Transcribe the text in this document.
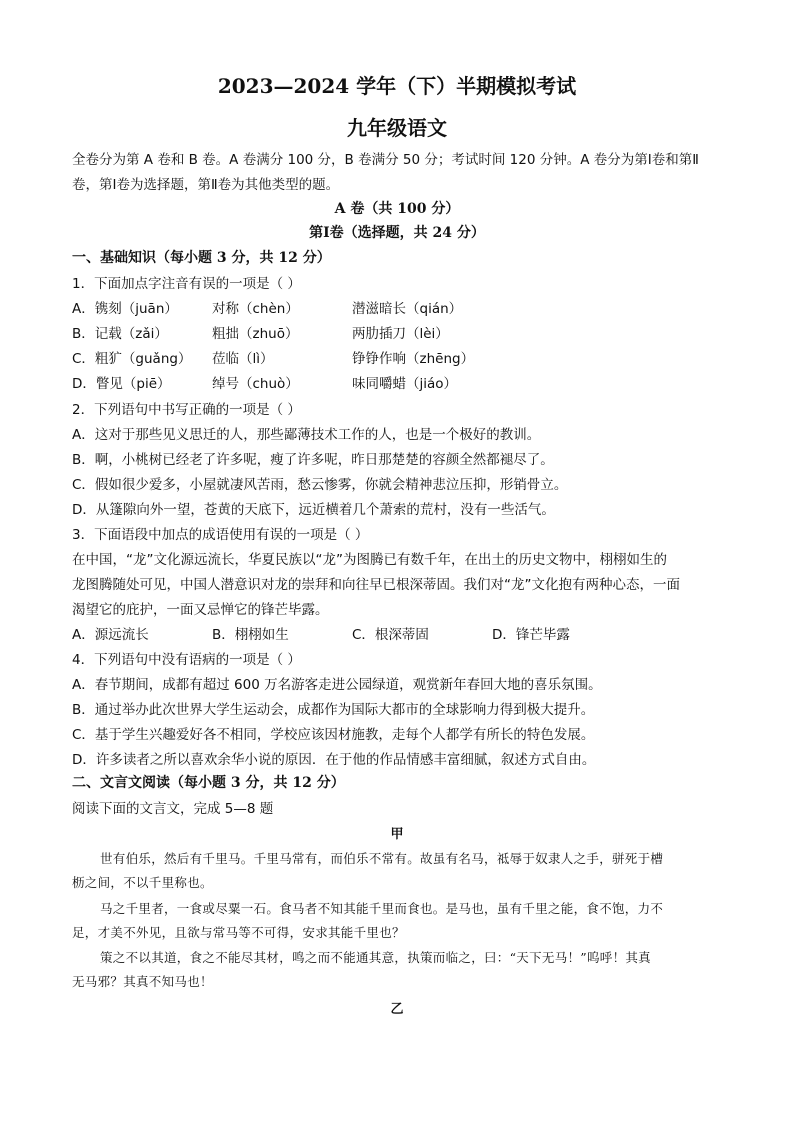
2023—2024 学年（下）半期模拟考试
九年级语文
全卷分为第 A 卷和 B 卷。A 卷满分 100 分，B 卷满分 50 分；考试时间 120 分钟。A 卷分为第Ⅰ卷和第Ⅱ
卷，第Ⅰ卷为选择题，第Ⅱ卷为其他类型的题。
A 卷（共 100 分）
第Ⅰ卷（选择题，共 24 分）
一、基础知识（每小题 3 分，共 12 分）
1．下面加点字注音有误的一项是（ ）
A．镌刻（juān）	对称（chèn）	潜滋暗长（qián）
B．记载（zǎi）	粗拙（zhuō）	两肋插刀（lèi）
C．粗犷（guǎng） 莅临（lì）	铮铮作响（zhēng）
D．瞥见（piē）	绰号（chuò）	味同嚼蜡（jiáo）
2．下列语句中书写正确的一项是（ ）
A．这对于那些见义思迁的人，那些鄙薄技术工作的人，也是一个极好的教训。
B．啊，小桃树已经老了许多呢，瘦了许多呢，昨日那楚楚的容颜全然都褪尽了。
C．假如很少爱多，小屋就凄风苦雨，愁云惨雾，你就会精神悲泣压抑，形销骨立。
D．从篷隙向外一望，苍黄的天底下，远近横着几个萧索的荒村，没有一些活气。
3．下面语段中加点的成语使用有误的一项是（ ）
在中国，“龙”文化源远流长，华夏民族以“龙”为图腾已有数千年，在出土的历史文物中，栩栩如生的
龙图腾随处可见，中国人潜意识对龙的崇拜和向往早已根深蒂固。我们对“龙”文化抱有两种心态，一面
渴望它的庇护，一面又忌惮它的锋芒毕露。
A．源远流长	B．栩栩如生	C．根深蒂固	D．锋芒毕露
4．下列语句中没有语病的一项是（ ）
A．春节期间，成都有超过 600 万名游客走进公园绿道，观赏新年春回大地的喜乐氛围。
B．通过举办此次世界大学生运动会，成都作为国际大都市的全球影响力得到极大提升。
C．基于学生兴趣爱好各不相同，学校应该因材施教，走每个人都学有所长的特色发展。
D．许多读者之所以喜欢余华小说的原因．在于他的作品情感丰富细腻，叙述方式自由。
二、文言文阅读（每小题 3 分，共 12 分）
阅读下面的文言文，完成 5—8 题
甲
世有伯乐，然后有千里马。千里马常有，而伯乐不常有。故虽有名马，祗辱于奴隶人之手，骈死于槽
枥之间，不以千里称也。
马之千里者，一食或尽粟一石。食马者不知其能千里而食也。是马也，虽有千里之能，食不饱，力不
足，才美不外见，且欲与常马等不可得，安求其能千里也？
策之不以其道，食之不能尽其材，鸣之而不能通其意，执策而临之，曰：“天下无马！”呜呼！其真
无马邪？其真不知马也！
乙
